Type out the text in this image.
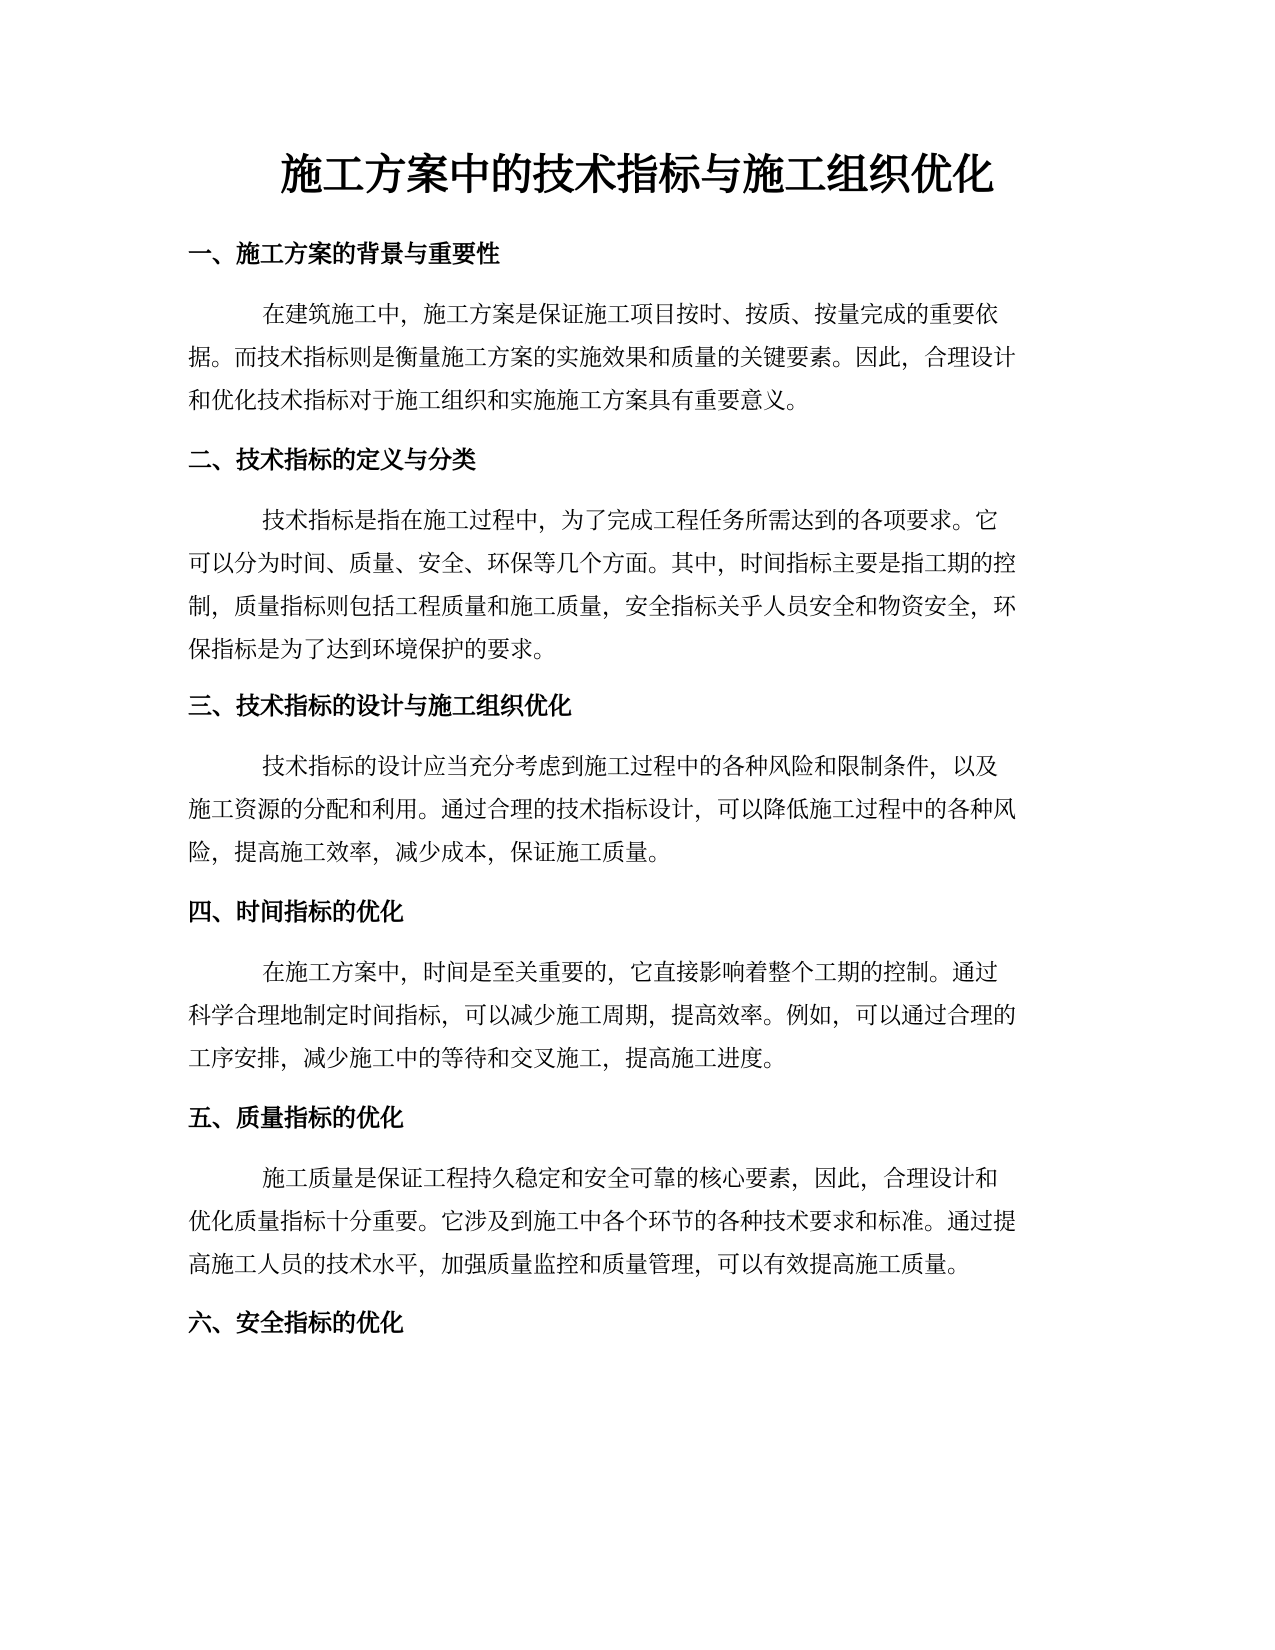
施工方案中的技术指标与施工组织优化
一、施工方案的背景与重要性
在建筑施工中，施工方案是保证施工项目按时、按质、按量完成的重要依
据。而技术指标则是衡量施工方案的实施效果和质量的关键要素。因此，合理设计
和优化技术指标对于施工组织和实施施工方案具有重要意义。
二、技术指标的定义与分类
技术指标是指在施工过程中，为了完成工程任务所需达到的各项要求。它
可以分为时间、质量、安全、环保等几个方面。其中，时间指标主要是指工期的控
制，质量指标则包括工程质量和施工质量，安全指标关乎人员安全和物资安全，环
保指标是为了达到环境保护的要求。
三、技术指标的设计与施工组织优化
技术指标的设计应当充分考虑到施工过程中的各种风险和限制条件，以及
施工资源的分配和利用。通过合理的技术指标设计，可以降低施工过程中的各种风
险，提高施工效率，减少成本，保证施工质量。
四、时间指标的优化
在施工方案中，时间是至关重要的，它直接影响着整个工期的控制。通过
科学合理地制定时间指标，可以减少施工周期，提高效率。例如，可以通过合理的
工序安排，减少施工中的等待和交叉施工，提高施工进度。
五、质量指标的优化
施工质量是保证工程持久稳定和安全可靠的核心要素，因此，合理设计和
优化质量指标十分重要。它涉及到施工中各个环节的各种技术要求和标准。通过提
高施工人员的技术水平，加强质量监控和质量管理，可以有效提高施工质量。
六、安全指标的优化
